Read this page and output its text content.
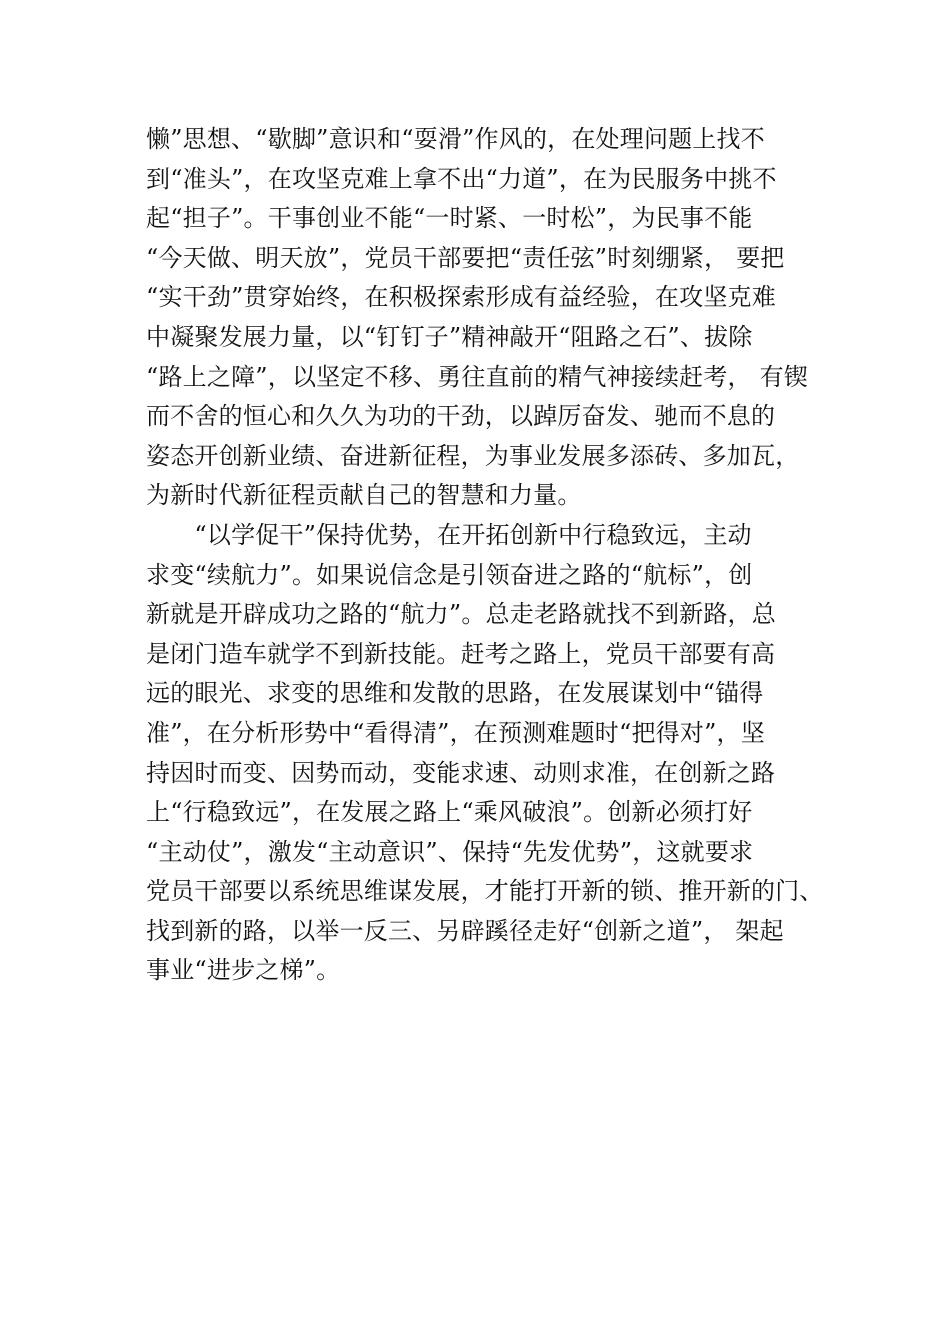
懒”思想、“歇脚”意识和“耍滑”作风的，在处理问题上找不
到“准头”，在攻坚克难上拿不出“力道”，在为民服务中挑不
起“担子”。干事创业不能“一时紧、一时松”，为民事不能
“今天做、明天放”，党员干部要把“责任弦”时刻绷紧， 要把
“实干劲”贯穿始终，在积极探索形成有益经验，在攻坚克难
中凝聚发展力量，以“钉钉子”精神敲开“阻路之石”、拔除
“路上之障”，以坚定不移、勇往直前的精气神接续赶考， 有锲
而不舍的恒心和久久为功的干劲，以踔厉奋发、驰而不息的
姿态开创新业绩、奋进新征程，为事业发展多添砖、多加瓦，
为新时代新征程贡献自己的智慧和力量。
　　“以学促干”保持优势，在开拓创新中行稳致远，主动
求变“续航力”。如果说信念是引领奋进之路的“航标”，创
新就是开辟成功之路的“航力”。总走老路就找不到新路，总
是闭门造车就学不到新技能。赶考之路上，党员干部要有高
远的眼光、求变的思维和发散的思路，在发展谋划中“锚得
准”，在分析形势中“看得清”，在预测难题时“把得对”，坚
持因时而变、因势而动，变能求速、动则求准，在创新之路
上“行稳致远”，在发展之路上“乘风破浪”。创新必须打好
“主动仗”，激发“主动意识”、保持“先发优势”，这就要求
党员干部要以系统思维谋发展，才能打开新的锁、推开新的门、
找到新的路，以举一反三、另辟蹊径走好“创新之道”， 架起
事业“进步之梯”。
